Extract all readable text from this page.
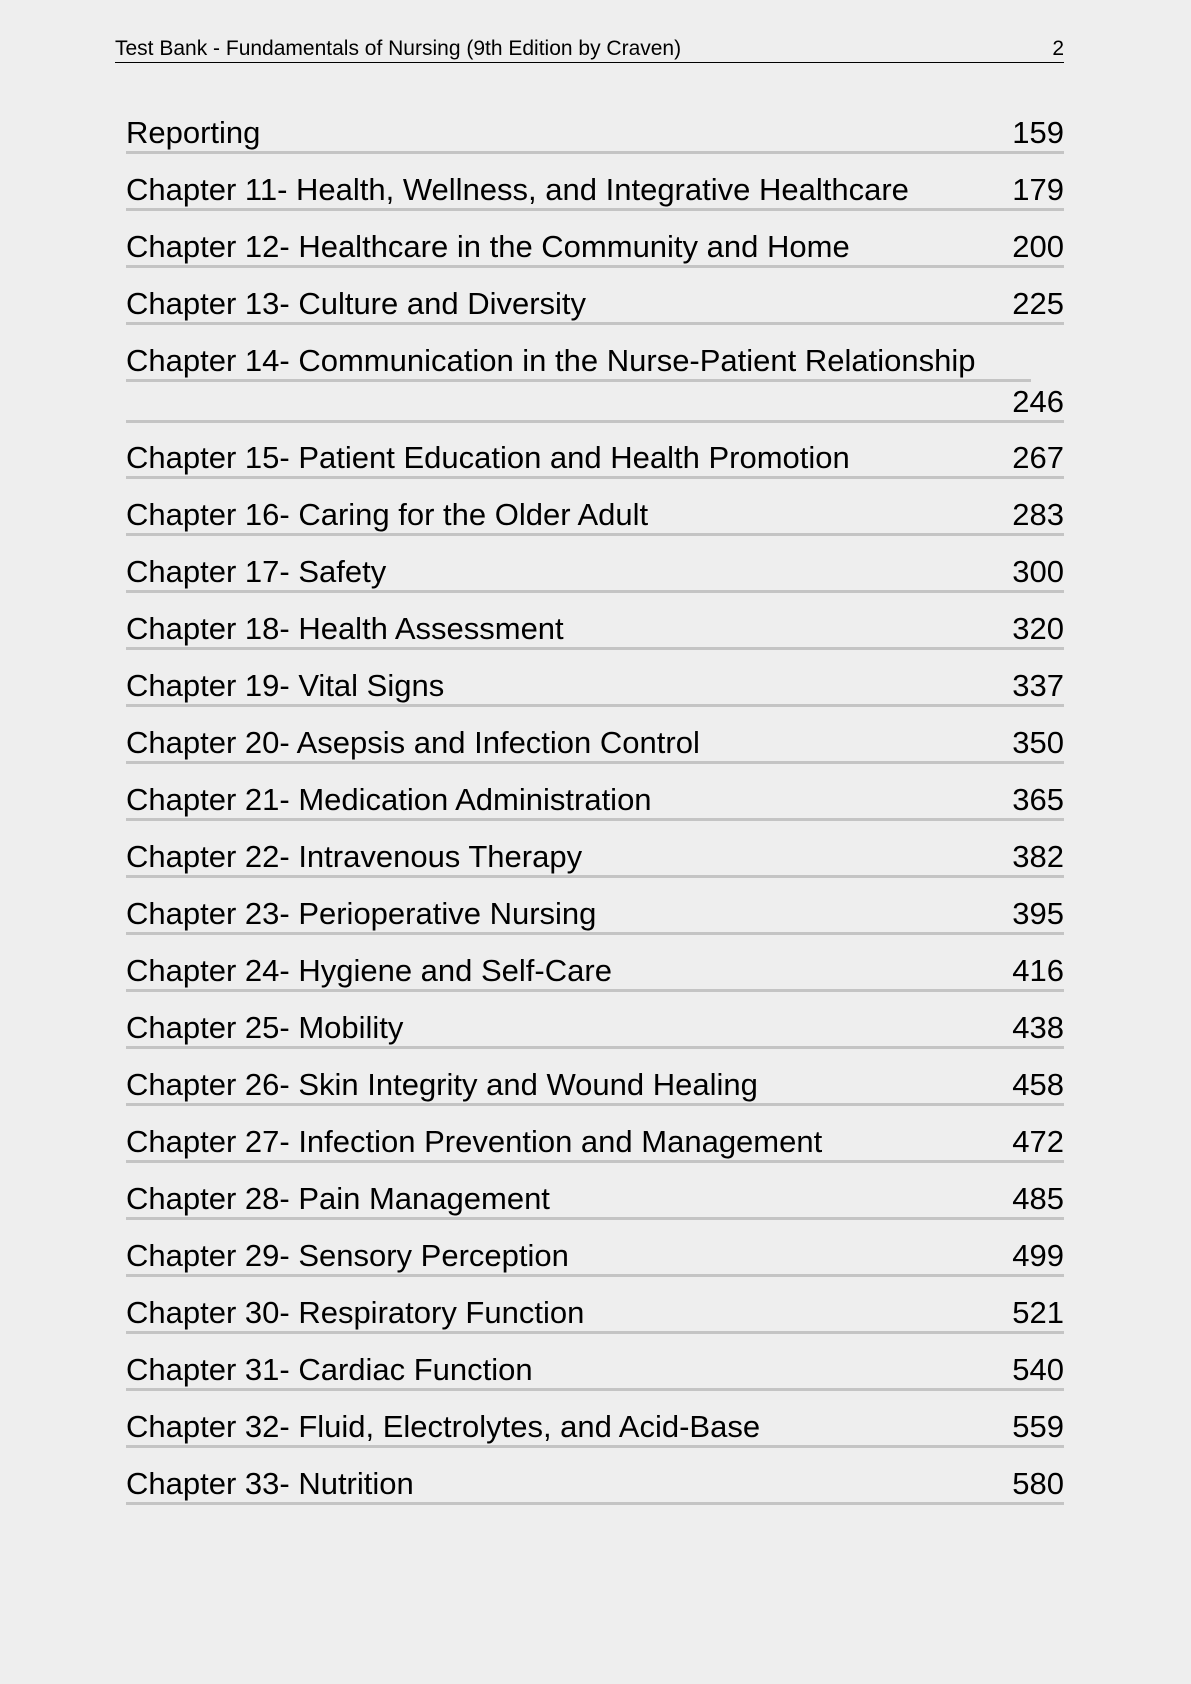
Test Bank - Fundamentals of Nursing (9th Edition by Craven)	2
Reporting	159
Chapter 11- Health, Wellness, and Integrative Healthcare	179
Chapter 12- Healthcare in the Community and Home	200
Chapter 13- Culture and Diversity	225
Chapter 14- Communication in the Nurse-Patient Relationship
246
Chapter 15- Patient Education and Health Promotion	267
Chapter 16- Caring for the Older Adult	283
Chapter 17- Safety	300
Chapter 18- Health Assessment	320
Chapter 19- Vital Signs	337
Chapter 20- Asepsis and Infection Control	350
Chapter 21- Medication Administration	365
Chapter 22- Intravenous Therapy	382
Chapter 23- Perioperative Nursing	395
Chapter 24- Hygiene and Self-Care	416
Chapter 25- Mobility	438
Chapter 26- Skin Integrity and Wound Healing	458
Chapter 27- Infection Prevention and Management	472
Chapter 28- Pain Management	485
Chapter 29- Sensory Perception	499
Chapter 30- Respiratory Function	521
Chapter 31- Cardiac Function	540
Chapter 32- Fluid, Electrolytes, and Acid-Base	559
Chapter 33- Nutrition	580
